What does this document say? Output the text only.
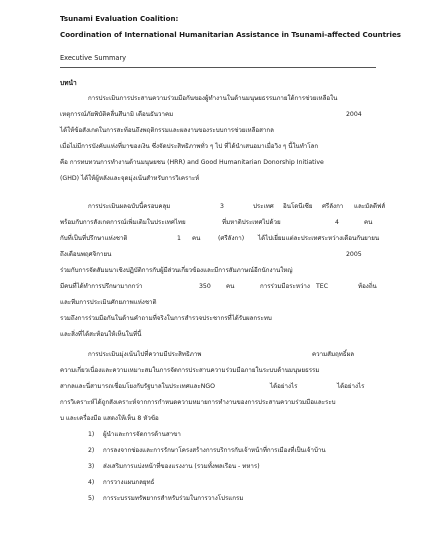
Tsunami Evaluation Coalition:
Coordination of International Humanitarian Assistance in Tsunami-affected Countries
Executive Summary
บทนำ
การประเมินการประสานความร่วมมือกันของผู้ทำงานในด้านมนุษยธรรมภายใต้การช่วยเหลือใน
เหตุการณ์ภัยพิบัติคลื่นสึนามิ เดือนธันวาคม	2004
ได้ให้ข้อสังเกตในการสะท้อนถึงพฤติกรรมและผลงานของระบบการช่วยเหลือสากล
เมื่อไม่มีการบังคับแห่งที่มาของเงิน ซึ่งจัดประสิทธิภาพทั่ว ๆ ไป ที่ได้นำเสนอมาเมื่อวิง ๆ นี้ในทำโลก
คือ การทบทวนการทำงานด้านมนุษยชน (HRR) and Good Humanitarian Donorship Initiative
(GHD) ได้ให้ผู้หลังและจุดมุ่งเน้นสำหรับการวิเคราะห์
การประเมินผลฉบับนี้ครอบคลุม	3	ประเทศ อินโดนีเซีย ศรีลังกา และมัลดีฟส์
พร้อมกับการสังเกตการณ์เพิ่มเติมในประเทศไทย	ที่มหาดิประเทศไปด้วย	4	คน
กับที่เป็นที่ปรึกษาแห่งชาติ	1 คน	(ศรีลังกา) ได้ไปเยี่ยมแต่ละประเทศระหว่างเดือนกันยายน
ถึงเดือนพฤศจิกายน	2005
ร่วมกับการจัดสัมมนาเชิงปฏิบัติการกับผู้มีส่วนเกี่ยวข้องและมีการสัมภาษณ์อีกนักงานใหญ่
มีคนที่ได้ทำการปรึกษามากกว่า	350 คน	การร่วมมือระหว่าง TEC	ท้องถิ่น
และทีมการประเมินศักยภาพแห่งชาติ
รวมถึงการร่วมมือกันในด้านคำถามที่จริงในการสำรวจประชากรที่ได้รับผลกระทบ
และสิ่งที่ได้สะท้อนให้เห็นในที่นี้
การประเมินมุ่งเน้นไปที่ความมีประสิทธิภาพ	ความสัมฤทธิ์ผล
ความเกี่ยวเนื่องและความเหมาะสมในการจัดการประสานความร่วมมือภายในระบบด้านมนุษยธรรม
สากลและนี่สามารถเชื่อมโยงกับรัฐบาลในประเทศและNGO	ได้อย่างไร	ได้อย่างไร
การวิเคราะห์ได้ถูกสังเคราะห์จากการกำหนดความหมายการทำงานของการประสานความร่วมมือและระบ
บ และเครื่องมือ แสดงให้เห็น 8 หัวข้อ
1) ผู้นำและการจัดการด้านสาขา
2) การลงจากช่องและการรักษาโครงสร้างการบริการกับเจ้าหน้าที่การเมืองที่เป็นเจ้าบ้าน
3) ส่งเสริมการแบ่งหน้าที่ของแรงงาน (รวมทั้งพลเรือน - ทหาร)
4) การวางแผนกลยุทธ์
5) การระบรรมทรัพยากรสำหรับร่วมในการวางโปรแกรม
